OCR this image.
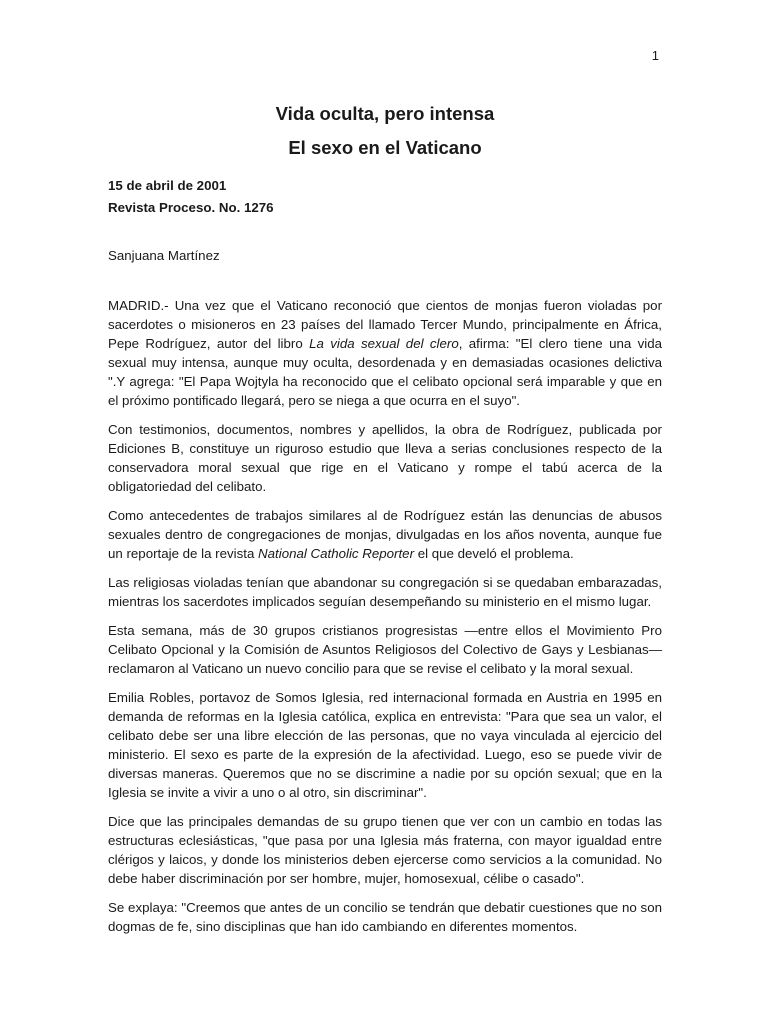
1
Vida oculta, pero intensa
El sexo en el Vaticano

15 de abril de 2001

Revista Proceso. No. 1276

Sanjuana Martínez

MADRID.- Una vez que el Vaticano reconoció que cientos de monjas fueron violadas por sacerdotes o misioneros en 23 países del llamado Tercer Mundo, principalmente en África, Pepe Rodríguez, autor del libro La vida sexual del clero, afirma: "El clero tiene una vida sexual muy intensa, aunque muy oculta, desordenada y en demasiadas ocasiones delictiva ".Y agrega: "El Papa Wojtyla ha reconocido que el celibato opcional será imparable y que en el próximo pontificado llegará, pero se niega a que ocurra en el suyo".

Con testimonios, documentos, nombres y apellidos, la obra de Rodríguez, publicada por Ediciones B, constituye un riguroso estudio que lleva a serias conclusiones respecto de la conservadora moral sexual que rige en el Vaticano y rompe el tabú acerca de la obligatoriedad del celibato.

Como antecedentes de trabajos similares al de Rodríguez están las denuncias de abusos sexuales dentro de congregaciones de monjas, divulgadas en los años noventa, aunque fue un reportaje de la revista National Catholic Reporter el que develó el problema.

Las religiosas violadas tenían que abandonar su congregación si se quedaban embarazadas, mientras los sacerdotes implicados seguían desempeñando su ministerio en el mismo lugar.

Esta semana, más de 30 grupos cristianos progresistas —entre ellos el Movimiento Pro Celibato Opcional y la Comisión de Asuntos Religiosos del Colectivo de Gays y Lesbianas— reclamaron al Vaticano un nuevo concilio para que se revise el celibato y la moral sexual.

Emilia Robles, portavoz de Somos Iglesia, red internacional formada en Austria en 1995 en demanda de reformas en la Iglesia católica, explica en entrevista: "Para que sea un valor, el celibato debe ser una libre elección de las personas, que no vaya vinculada al ejercicio del ministerio. El sexo es parte de la expresión de la afectividad. Luego, eso se puede vivir de diversas maneras. Queremos que no se discrimine a nadie por su opción sexual; que en la Iglesia se invite a vivir a uno o al otro, sin discriminar".

Dice que las principales demandas de su grupo tienen que ver con un cambio en todas las estructuras eclesiásticas, "que pasa por una Iglesia más fraterna, con mayor igualdad entre clérigos y laicos, y donde los ministerios deben ejercerse como servicios a la comunidad. No debe haber discriminación por ser hombre, mujer, homosexual, célibe o casado".

Se explaya: "Creemos que antes de un concilio se tendrán que debatir cuestiones que no son dogmas de fe, sino disciplinas que han ido cambiando en diferentes momentos.
